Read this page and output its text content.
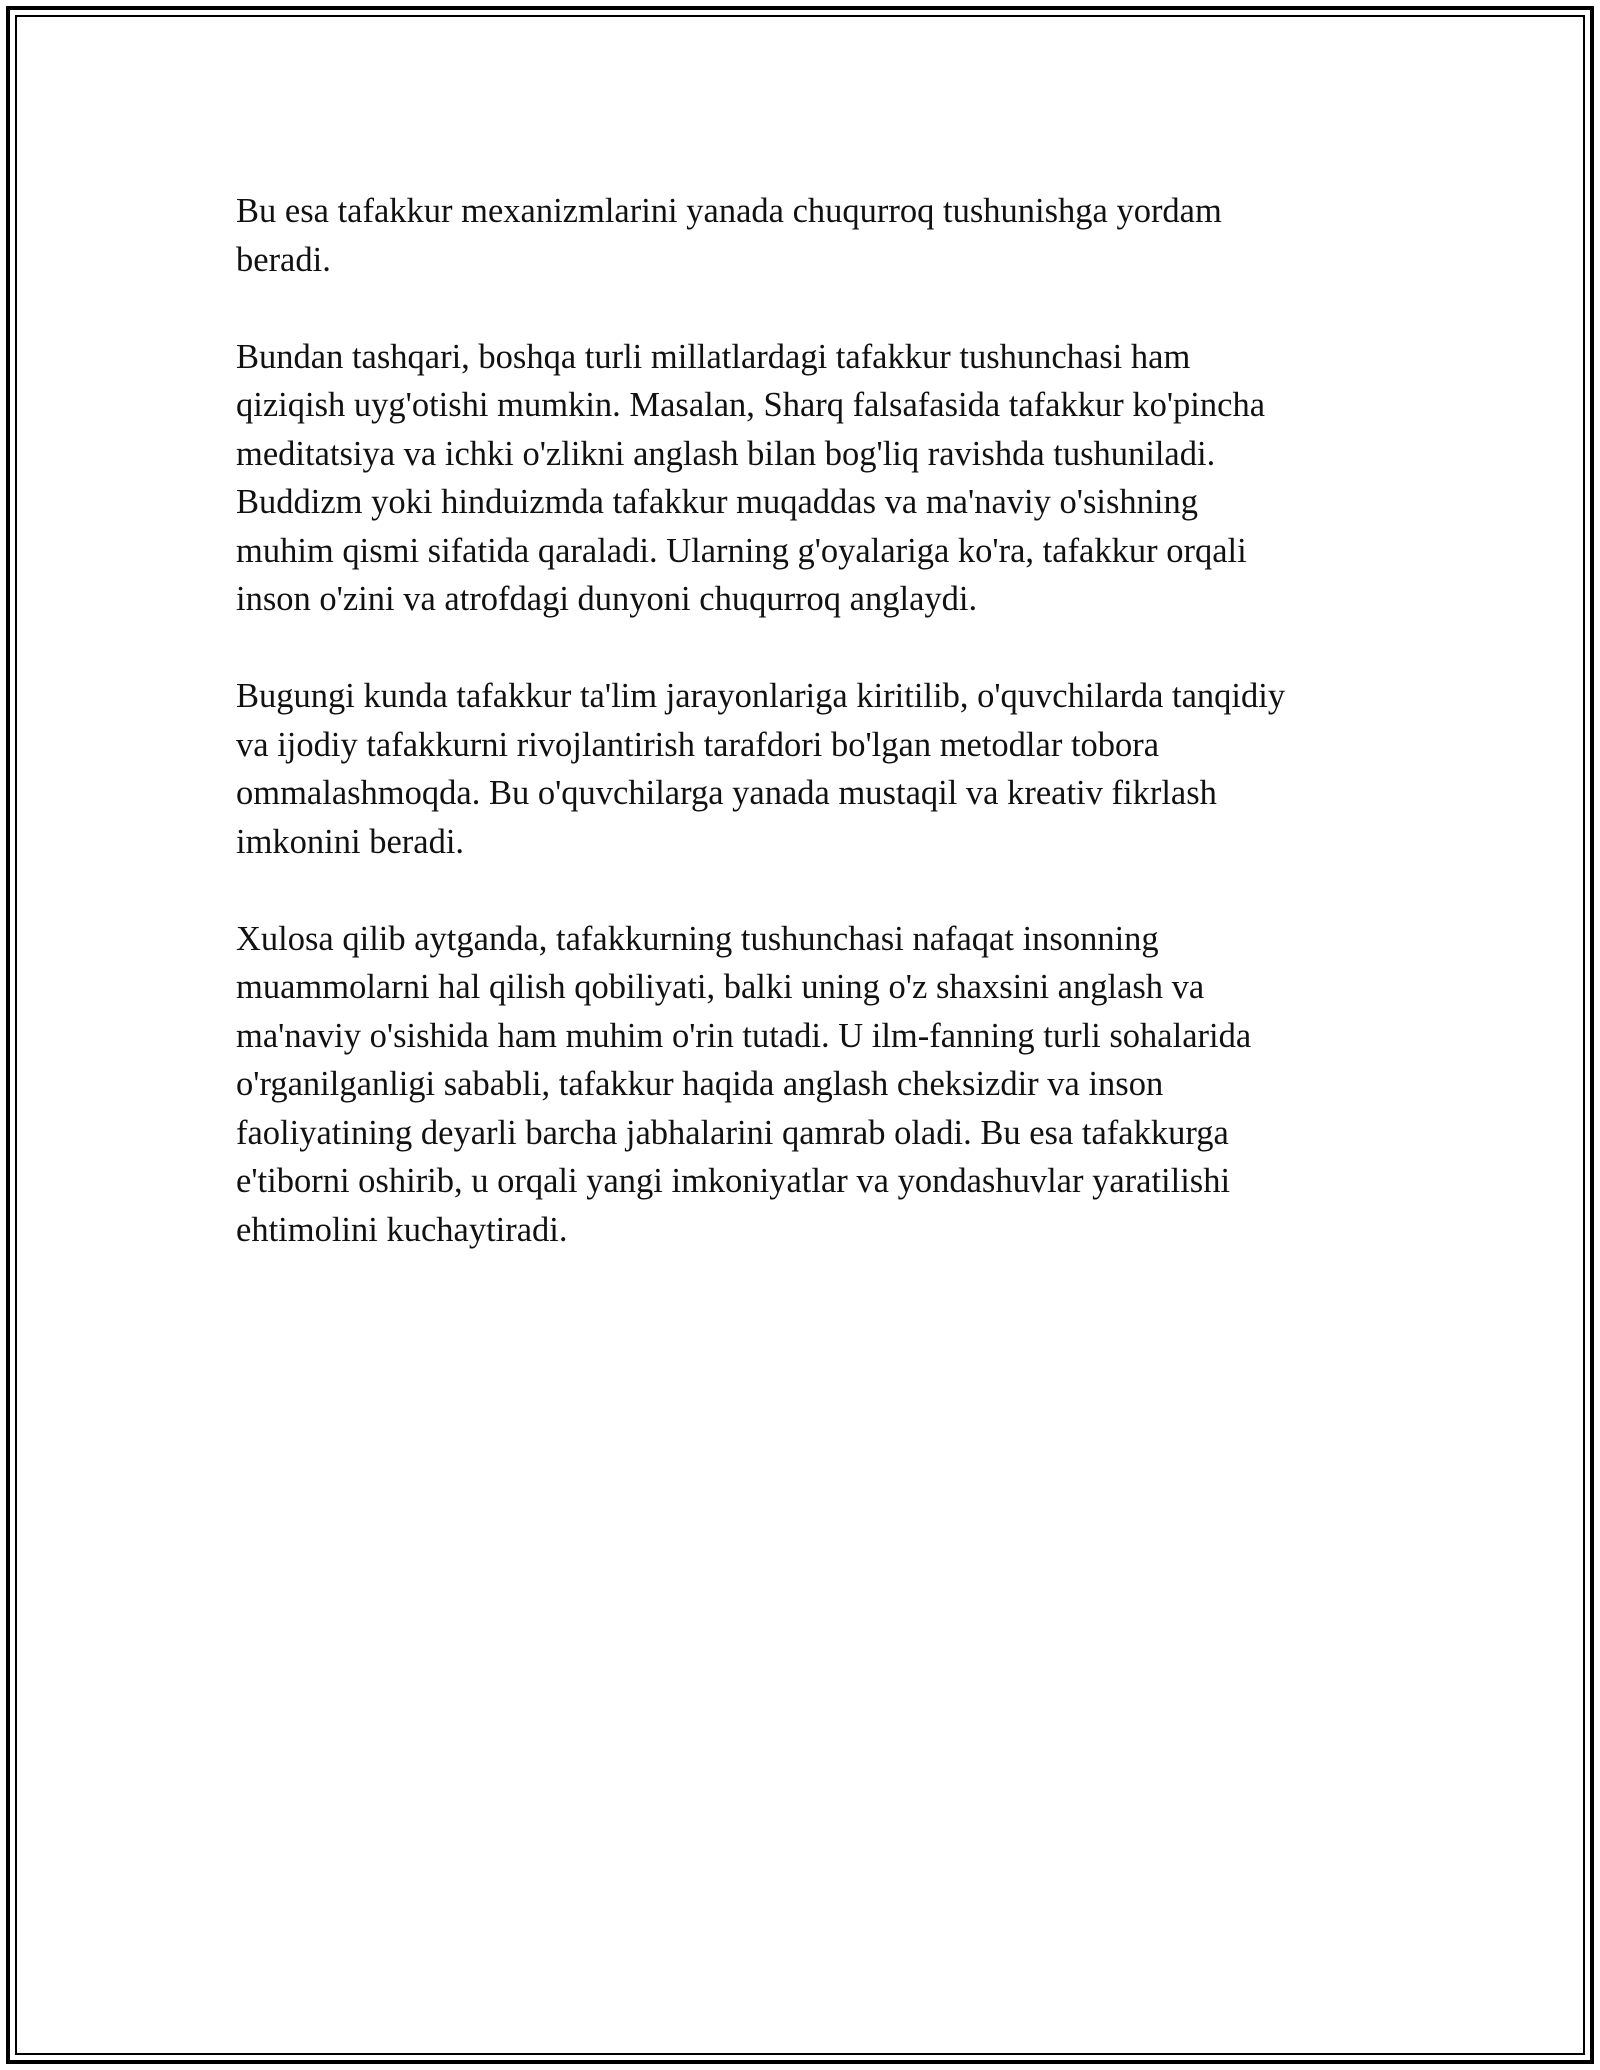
Bu esa tafakkur mexanizmlarini yanada chuqurroq tushunishga yordam
beradi.

Bundan tashqari, boshqa turli millatlardagi tafakkur tushunchasi ham
qiziqish uyg'otishi mumkin. Masalan, Sharq falsafasida tafakkur ko'pincha
meditatsiya va ichki o'zlikni anglash bilan bog'liq ravishda tushuniladi.
Buddizm yoki hinduizmda tafakkur muqaddas va ma'naviy o'sishning
muhim qismi sifatida qaraladi. Ularning g'oyalariga ko'ra, tafakkur orqali
inson o'zini va atrofdagi dunyoni chuqurroq anglaydi.

Bugungi kunda tafakkur ta'lim jarayonlariga kiritilib, o'quvchilarda tanqidiy
va ijodiy tafakkurni rivojlantirish tarafdori bo'lgan metodlar tobora
ommalashmoqda. Bu o'quvchilarga yanada mustaqil va kreativ fikrlash
imkonini beradi.

Xulosa qilib aytganda, tafakkurning tushunchasi nafaqat insonning
muammolarni hal qilish qobiliyati, balki uning o'z shaxsini anglash va
ma'naviy o'sishida ham muhim o'rin tutadi. U ilm-fanning turli sohalarida
o'rganilganligi sababli, tafakkur haqida anglash cheksizdir va inson
faoliyatining deyarli barcha jabhalarini qamrab oladi. Bu esa tafakkurga
e'tiborni oshirib, u orqali yangi imkoniyatlar va yondashuvlar yaratilishi
ehtimolini kuchaytiradi.
